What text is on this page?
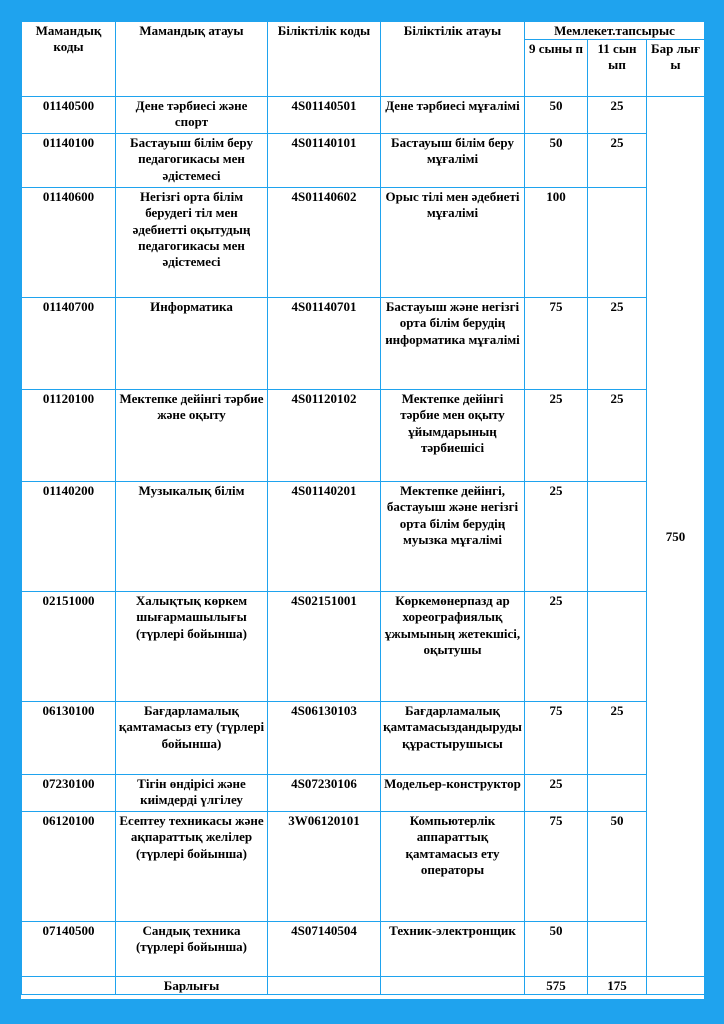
Мамандық коды	Мамандық атауы	Біліктілік коды	Біліктілік атауы	Мемлекет.тапсырыс		
				9 сыны п	11 сын ып	Бар лығ ы
01140500	Дене тәрбиесі және спорт	4S01140501	Дене тәрбиесі мұғалімі	50	25	750
01140100	Бастауыш білім беру педагогикасы мен әдістемесі	4S01140101	Бастауыш білім беру мұғалімі	50	25	
01140600	Негізгі орта білім берудегі тіл мен әдебиетті оқытудың педагогикасы мен әдістемесі	4S01140602	Орыс тілі мен әдебиеті мұғалімі	100		
01140700	Информатика	4S01140701	Бастауыш және негізгі орта білім берудің информатика мұғалімі	75	25	
01120100	Мектепке дейінгі тәрбие және оқыту	4S01120102	Мектепке дейінгі тәрбие мен оқыту ұйымдарының тәрбиешісі	25	25	
01140200	Музыкалық білім	4S01140201	Мектепке дейінгі, бастауыш және негізгі орта білім берудің муызка мұғалімі	25		
02151000	Халықтық көркем шығармашылығы (түрлері бойынша)	4S02151001	Көркемөнерпазд ар хореографиялық ұжымының жетекшісі, оқытушы	25		
06130100	Бағдарламалық қамтамасыз ету (түрлері бойынша)	4S06130103	Бағдарламалық қамтамасыздандыруды құрастырушысы	75	25	
07230100	Тігін өндірісі және киімдерді үлгілеу	4S07230106	Модельер-конструктор	25		
06120100	Есептеу техникасы және ақпараттық желілер (түрлері бойынша)	3W06120101	Компьютерлік аппараттық қамтамасыз ету операторы	75	50	
07140500	Сандық техника (түрлері бойынша)	4S07140504	Техник-электронщик	50		
	Барлығы			575	175	
